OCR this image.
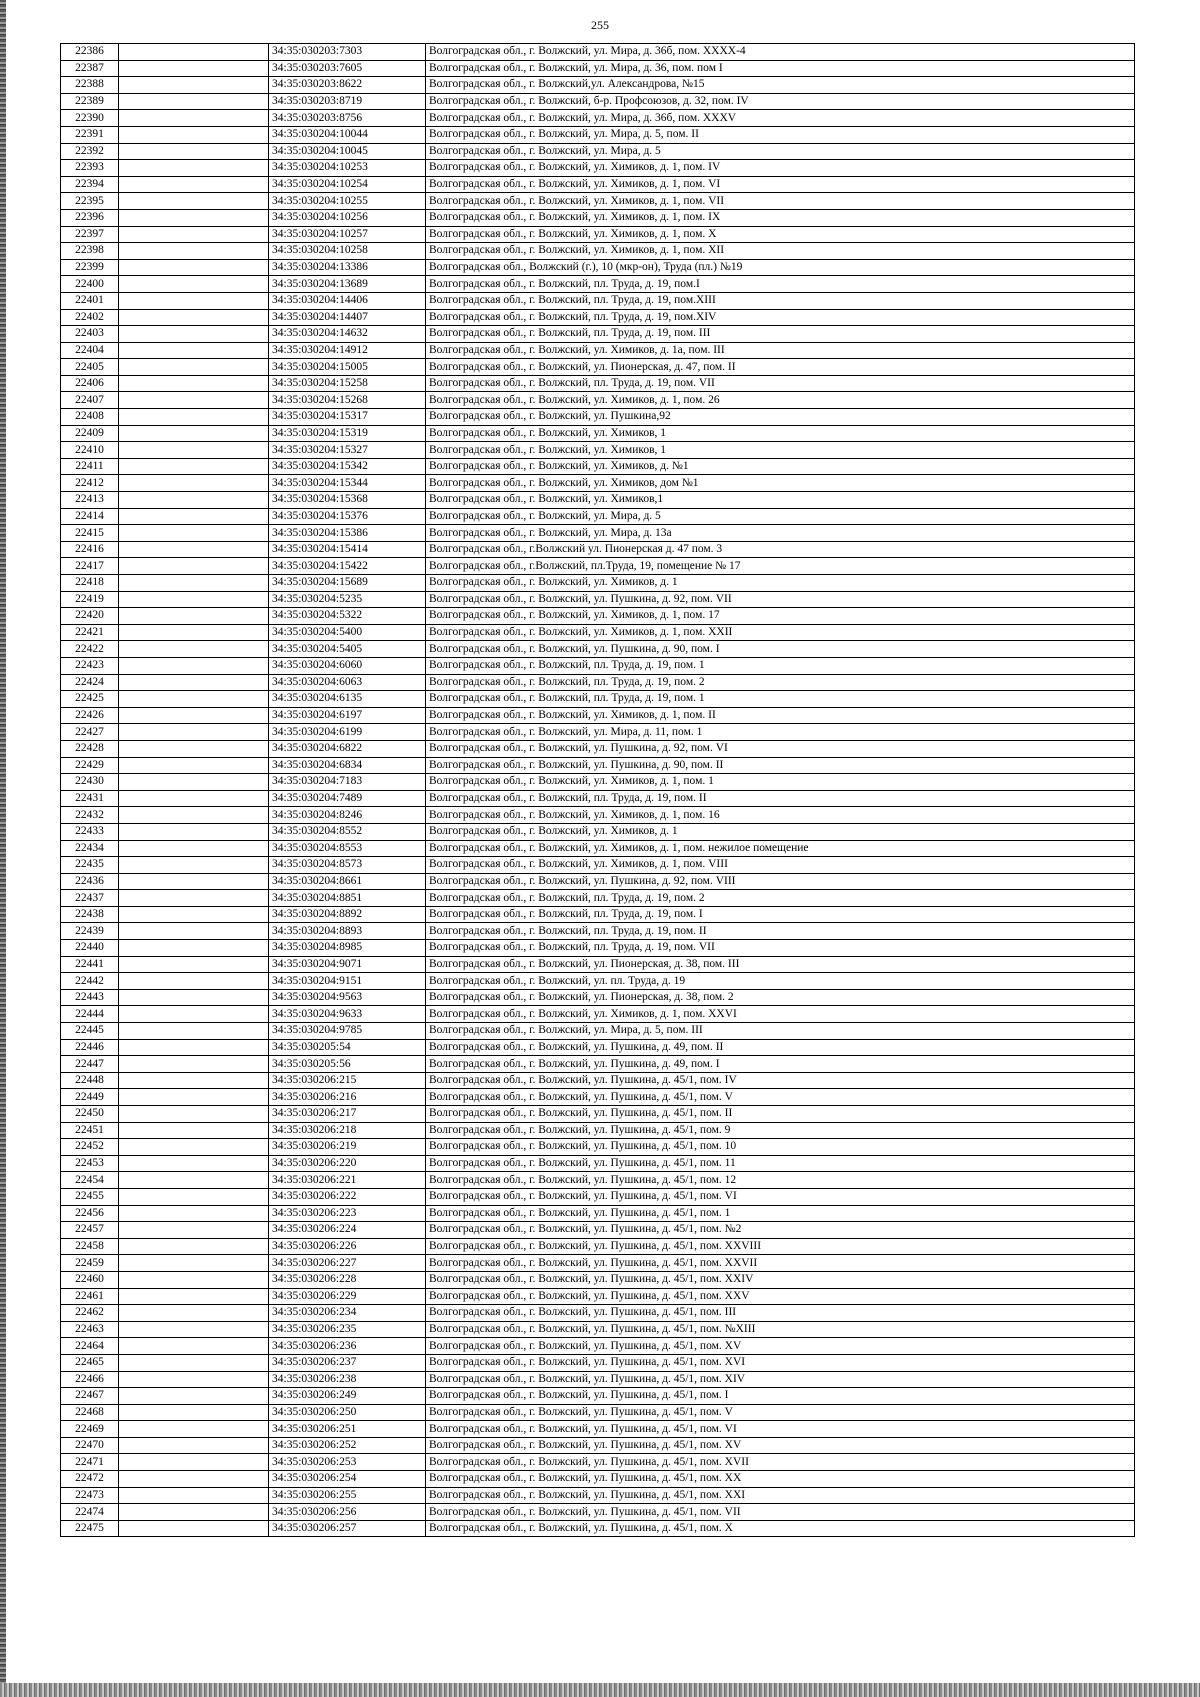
255
22386		34:35:030203:7303	Волгоградская обл., г. Волжский, ул. Мира, д. 36б, пом. XXXX-4
22387		34:35:030203:7605	Волгоградская обл., г. Волжский, ул. Мира, д. 36, пом. пом I
22388		34:35:030203:8622	Волгоградская обл., г. Волжский,ул. Александрова, №15
22389		34:35:030203:8719	Волгоградская обл., г. Волжский, б-р. Профсоюзов, д. 32, пом. IV
22390		34:35:030203:8756	Волгоградская обл., г. Волжский, ул. Мира, д. 36б, пом. XXXV
22391		34:35:030204:10044	Волгоградская обл., г. Волжский, ул. Мира, д. 5, пом. II
22392		34:35:030204:10045	Волгоградская обл., г. Волжский, ул. Мира, д. 5
22393		34:35:030204:10253	Волгоградская обл., г. Волжский, ул. Химиков, д. 1, пом. IV
22394		34:35:030204:10254	Волгоградская обл., г. Волжский, ул. Химиков, д. 1, пом. VI
22395		34:35:030204:10255	Волгоградская обл., г. Волжский, ул. Химиков, д. 1, пом. VII
22396		34:35:030204:10256	Волгоградская обл., г. Волжский, ул. Химиков, д. 1, пом. IX
22397		34:35:030204:10257	Волгоградская обл., г. Волжский, ул. Химиков, д. 1, пом. X
22398		34:35:030204:10258	Волгоградская обл., г. Волжский, ул. Химиков, д. 1, пом. XII
22399		34:35:030204:13386	Волгоградская обл., Волжский (г.), 10 (мкр-он), Труда (пл.) №19
22400		34:35:030204:13689	Волгоградская обл., г. Волжский, пл. Труда, д. 19, пом.I
22401		34:35:030204:14406	Волгоградская обл., г. Волжский, пл. Труда, д. 19, пом.XIII
22402		34:35:030204:14407	Волгоградская обл., г. Волжский, пл. Труда, д. 19, пом.XIV
22403		34:35:030204:14632	Волгоградская обл., г. Волжский, пл. Труда, д. 19, пом. III
22404		34:35:030204:14912	Волгоградская обл., г. Волжский, ул. Химиков, д. 1а, пом. III
22405		34:35:030204:15005	Волгоградская обл., г. Волжский, ул. Пионерская, д. 47, пом. II
22406		34:35:030204:15258	Волгоградская обл., г. Волжский, пл. Труда, д. 19, пом. VII
22407		34:35:030204:15268	Волгоградская обл., г. Волжский, ул. Химиков, д. 1, пом. 26
22408		34:35:030204:15317	Волгоградская обл., г. Волжский, ул. Пушкина,92
22409		34:35:030204:15319	Волгоградская обл., г. Волжский, ул. Химиков, 1
22410		34:35:030204:15327	Волгоградская обл., г. Волжский, ул. Химиков, 1
22411		34:35:030204:15342	Волгоградская обл., г. Волжский, ул. Химиков, д. №1
22412		34:35:030204:15344	Волгоградская обл., г. Волжский, ул. Химиков, дом №1
22413		34:35:030204:15368	Волгоградская обл., г. Волжский, ул. Химиков,1
22414		34:35:030204:15376	Волгоградская обл., г. Волжский, ул. Мира, д. 5
22415		34:35:030204:15386	Волгоградская обл., г. Волжский, ул. Мира, д. 13а
22416		34:35:030204:15414	Волгоградская обл., г.Волжский ул. Пионерская д. 47 пом. 3
22417		34:35:030204:15422	Волгоградская обл., г.Волжский, пл.Труда, 19, помещение № 17
22418		34:35:030204:15689	Волгоградская обл., г. Волжский, ул. Химиков, д. 1
22419		34:35:030204:5235	Волгоградская обл., г. Волжский, ул. Пушкина, д. 92, пом. VII
22420		34:35:030204:5322	Волгоградская обл., г. Волжский, ул. Химиков, д. 1, пом. 17
22421		34:35:030204:5400	Волгоградская обл., г. Волжский, ул. Химиков, д. 1, пом. XXII
22422		34:35:030204:5405	Волгоградская обл., г. Волжский, ул. Пушкина, д. 90, пом. I
22423		34:35:030204:6060	Волгоградская обл., г. Волжский, пл. Труда, д. 19, пом. 1
22424		34:35:030204:6063	Волгоградская обл., г. Волжский, пл. Труда, д. 19, пом. 2
22425		34:35:030204:6135	Волгоградская обл., г. Волжский, пл. Труда, д. 19, пом. 1
22426		34:35:030204:6197	Волгоградская обл., г. Волжский, ул. Химиков, д. 1, пом. II
22427		34:35:030204:6199	Волгоградская обл., г. Волжский, ул. Мира, д. 11, пом. 1
22428		34:35:030204:6822	Волгоградская обл., г. Волжский, ул. Пушкина, д. 92, пом. VI
22429		34:35:030204:6834	Волгоградская обл., г. Волжский, ул. Пушкина, д. 90, пом. II
22430		34:35:030204:7183	Волгоградская обл., г. Волжский, ул. Химиков, д. 1, пом. 1
22431		34:35:030204:7489	Волгоградская обл., г. Волжский, пл. Труда, д. 19, пом. II
22432		34:35:030204:8246	Волгоградская обл., г. Волжский, ул. Химиков, д. 1, пом. 16
22433		34:35:030204:8552	Волгоградская обл., г. Волжский, ул. Химиков, д. 1
22434		34:35:030204:8553	Волгоградская обл., г. Волжский, ул. Химиков, д. 1, пом. нежилое помещение
22435		34:35:030204:8573	Волгоградская обл., г. Волжский, ул. Химиков, д. 1, пом. VIII
22436		34:35:030204:8661	Волгоградская обл., г. Волжский, ул. Пушкина, д. 92, пом. VIII
22437		34:35:030204:8851	Волгоградская обл., г. Волжский, пл. Труда, д. 19, пом. 2
22438		34:35:030204:8892	Волгоградская обл., г. Волжский, пл. Труда, д. 19, пом. I
22439		34:35:030204:8893	Волгоградская обл., г. Волжский, пл. Труда, д. 19, пом. II
22440		34:35:030204:8985	Волгоградская обл., г. Волжский, пл. Труда, д. 19, пом. VII
22441		34:35:030204:9071	Волгоградская обл., г. Волжский, ул. Пионерская, д. 38, пом. III
22442		34:35:030204:9151	Волгоградская обл., г. Волжский, ул. пл. Труда, д. 19
22443		34:35:030204:9563	Волгоградская обл., г. Волжский, ул. Пионерская, д. 38, пом. 2
22444		34:35:030204:9633	Волгоградская обл., г. Волжский, ул. Химиков, д. 1, пом. XXVI
22445		34:35:030204:9785	Волгоградская обл., г. Волжский, ул. Мира, д. 5, пом. III
22446		34:35:030205:54	Волгоградская обл., г. Волжский, ул. Пушкина, д. 49, пом. II
22447		34:35:030205:56	Волгоградская обл., г. Волжский, ул. Пушкина, д. 49, пом. I
22448		34:35:030206:215	Волгоградская обл., г. Волжский, ул. Пушкина, д. 45/1, пом. IV
22449		34:35:030206:216	Волгоградская обл., г. Волжский, ул. Пушкина, д. 45/1, пом. V
22450		34:35:030206:217	Волгоградская обл., г. Волжский, ул. Пушкина, д. 45/1, пом. II
22451		34:35:030206:218	Волгоградская обл., г. Волжский, ул. Пушкина, д. 45/1, пом. 9
22452		34:35:030206:219	Волгоградская обл., г. Волжский, ул. Пушкина, д. 45/1, пом. 10
22453		34:35:030206:220	Волгоградская обл., г. Волжский, ул. Пушкина, д. 45/1, пом. 11
22454		34:35:030206:221	Волгоградская обл., г. Волжский, ул. Пушкина, д. 45/1, пом. 12
22455		34:35:030206:222	Волгоградская обл., г. Волжский, ул. Пушкина, д. 45/1, пом. VI
22456		34:35:030206:223	Волгоградская обл., г. Волжский, ул. Пушкина, д. 45/1, пом. 1
22457		34:35:030206:224	Волгоградская обл., г. Волжский, ул. Пушкина, д. 45/1, пом. №2
22458		34:35:030206:226	Волгоградская обл., г. Волжский, ул. Пушкина, д. 45/1, пом. XXVIII
22459		34:35:030206:227	Волгоградская обл., г. Волжский, ул. Пушкина, д. 45/1, пом. XXVII
22460		34:35:030206:228	Волгоградская обл., г. Волжский, ул. Пушкина, д. 45/1, пом. XXIV
22461		34:35:030206:229	Волгоградская обл., г. Волжский, ул. Пушкина, д. 45/1, пом. XXV
22462		34:35:030206:234	Волгоградская обл., г. Волжский, ул. Пушкина, д. 45/1, пом. III
22463		34:35:030206:235	Волгоградская обл., г. Волжский, ул. Пушкина, д. 45/1, пом. №XIII
22464		34:35:030206:236	Волгоградская обл., г. Волжский, ул. Пушкина, д. 45/1, пом. XV
22465		34:35:030206:237	Волгоградская обл., г. Волжский, ул. Пушкина, д. 45/1, пом. XVI
22466		34:35:030206:238	Волгоградская обл., г. Волжский, ул. Пушкина, д. 45/1, пом. XIV
22467		34:35:030206:249	Волгоградская обл., г. Волжский, ул. Пушкина, д. 45/1, пом. I
22468		34:35:030206:250	Волгоградская обл., г. Волжский, ул. Пушкина, д. 45/1, пом. V
22469		34:35:030206:251	Волгоградская обл., г. Волжский, ул. Пушкина, д. 45/1, пом. VI
22470		34:35:030206:252	Волгоградская обл., г. Волжский, ул. Пушкина, д. 45/1, пом. XV
22471		34:35:030206:253	Волгоградская обл., г. Волжский, ул. Пушкина, д. 45/1, пом. XVII
22472		34:35:030206:254	Волгоградская обл., г. Волжский, ул. Пушкина, д. 45/1, пом. XX
22473		34:35:030206:255	Волгоградская обл., г. Волжский, ул. Пушкина, д. 45/1, пом. XXI
22474		34:35:030206:256	Волгоградская обл., г. Волжский, ул. Пушкина, д. 45/1, пом. VII
22475		34:35:030206:257	Волгоградская обл., г. Волжский, ул. Пушкина, д. 45/1, пом. X
